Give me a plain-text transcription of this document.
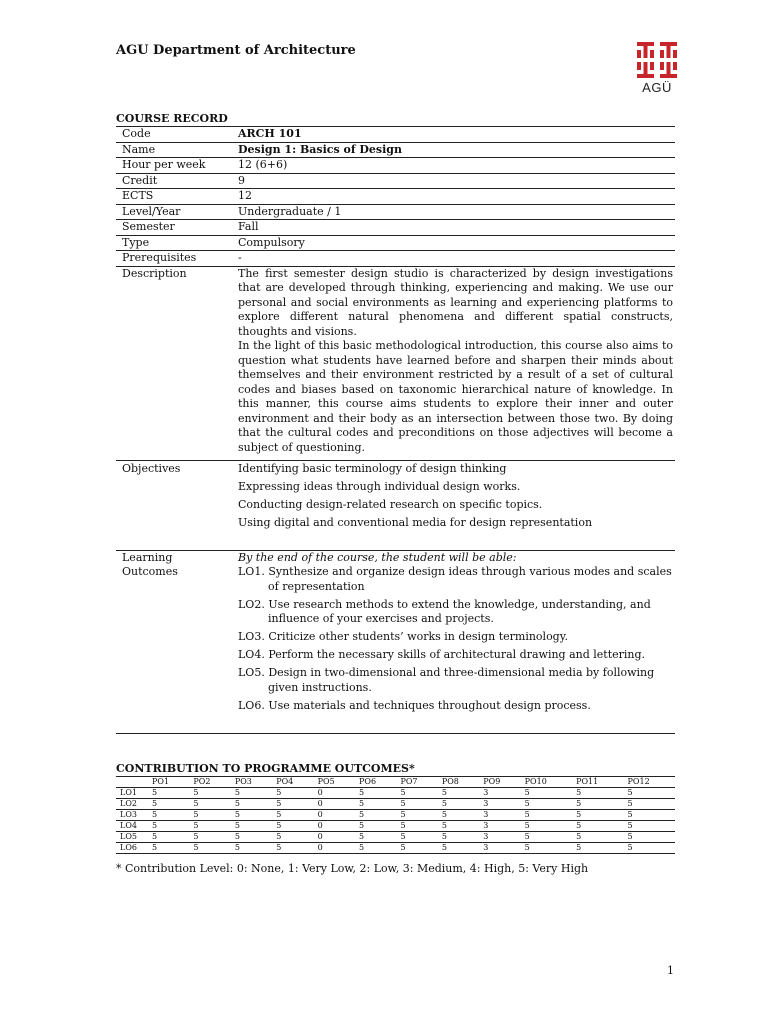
AGU Department of Architecture
AGÜ
COURSE RECORD
Code	ARCH 101
Name	Design 1: Basics of Design
Hour per week	12 (6+6)
Credit	9
ECTS	12
Level/Year	Undergraduate / 1
Semester	Fall
Type	Compulsory
Prerequisites	-
Description	The first semester design studio is characterized by design investigations that are developed through thinking, experiencing and making. We use our personal and social environments as learning and experiencing platforms to explore different natural phenomena and different spatial constructs, thoughts and visions.
In the light of this basic methodological introduction, this course also aims to question what students have learned before and sharpen their minds about themselves and their environment restricted by a result of a set of cultural codes and biases based on taxonomic hierarchical nature of knowledge. In this manner, this course aims students to explore their inner and outer environment and their body as an intersection between those two. By doing that the cultural codes and preconditions on those adjectives will become a subject of questioning.
Objectives	Identifying basic terminology of design thinking

Expressing ideas through individual design works.

Conducting design-related research on specific topics.

Using digital and conventional media for design representation

Learning
Outcomes
By the end of the course, the student will be able:

LO1. Synthesize and organize design ideas through various modes and scales of representation

LO2. Use research methods to extend the knowledge, understanding, and influence of your exercises and projects.

LO3. Criticize other students’ works in design terminology.

LO4. Perform the necessary skills of architectural drawing and lettering.

LO5. Design in two-dimensional and three-dimensional media by following given instructions.

LO6. Use materials and techniques throughout design process.

CONTRIBUTION TO PROGRAMME OUTCOMES*
	PO1	PO2	PO3	PO4	PO5	PO6	PO7	PO8	PO9	PO10	PO11	PO12
LO1	5	5	5	5	0	5	5	5	3	5	5	5
LO2	5	5	5	5	0	5	5	5	3	5	5	5
LO3	5	5	5	5	0	5	5	5	3	5	5	5
LO4	5	5	5	5	0	5	5	5	3	5	5	5
LO5	5	5	5	5	0	5	5	5	3	5	5	5
LO6	5	5	5	5	0	5	5	5	3	5	5	5
* Contribution Level: 0: None, 1: Very Low, 2: Low, 3: Medium, 4: High, 5: Very High
1
